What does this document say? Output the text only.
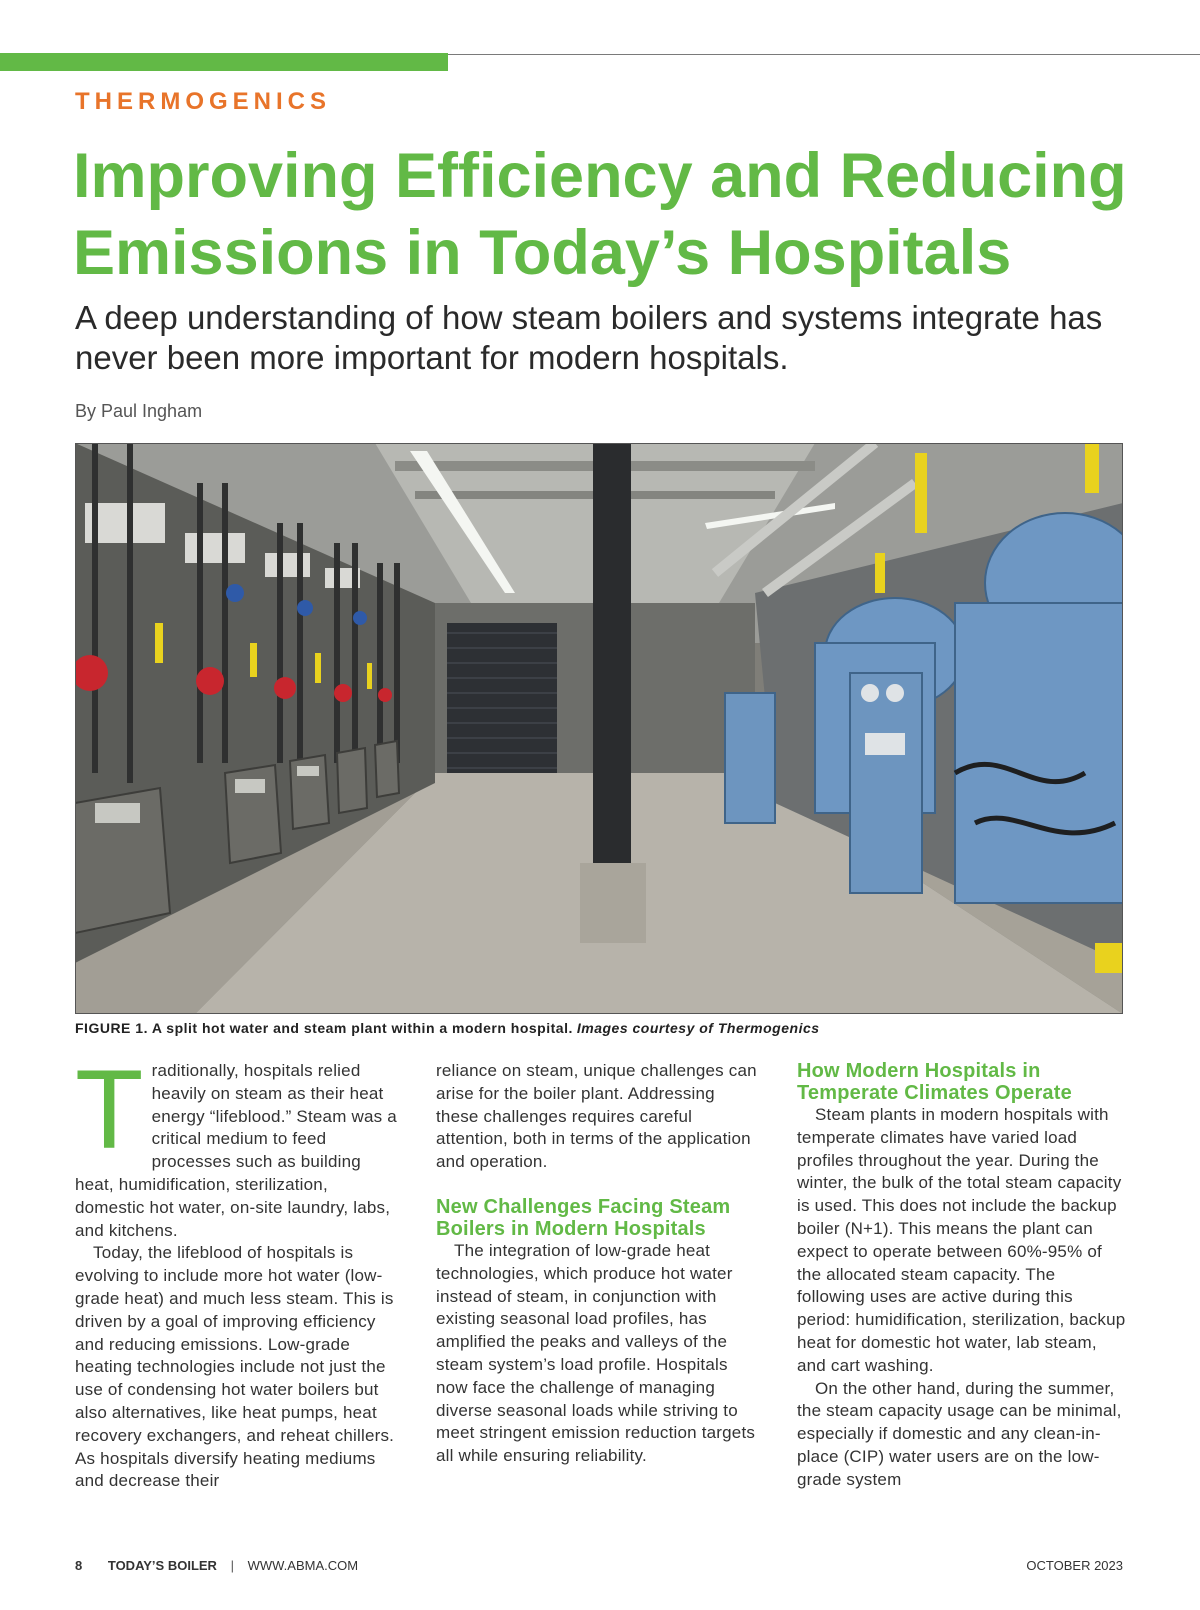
THERMOGENICS
Improving Efficiency and Reducing Emissions in Today’s Hospitals

A deep understanding of how steam boilers and systems integrate has never been more important for modern hospitals.

By Paul Ingham
FIGURE 1. A split hot water and steam plant within a modern hospital. Images courtesy of Thermogenics

Traditionally, hospitals relied heavily on steam as their heat energy “lifeblood.” Steam was a critical medium to feed processes such as building heat, humidification, sterilization, domestic hot water, on-site laundry, labs, and kitchens.

Today, the lifeblood of hospitals is evolving to include more hot water (low-grade heat) and much less steam. This is driven by a goal of improving efficiency and reducing emissions. Low-grade heating technologies include not just the use of condensing hot water boilers but also alternatives, like heat pumps, heat recovery exchangers, and reheat chillers. As hospitals diversify heating mediums and decrease their

reliance on steam, unique challenges can arise for the boiler plant. Addressing these challenges requires careful attention, both in terms of the application and operation.

New Challenges Facing Steam Boilers in Modern Hospitals

The integration of low-grade heat technologies, which produce hot water instead of steam, in conjunction with existing seasonal load profiles, has amplified the peaks and valleys of the steam system’s load profile. Hospitals now face the challenge of managing diverse seasonal loads while striving to meet stringent emission reduction targets all while ensuring reliability.

How Modern Hospitals in Temperate Climates Operate

Steam plants in modern hospitals with temperate climates have varied load profiles throughout the year. During the winter, the bulk of the total steam capacity is used. This does not include the backup boiler (N+1). This means the plant can expect to operate between 60%-95% of the allocated steam capacity. The following uses are active during this period: humidification, sterilization, backup heat for domestic hot water, lab steam, and cart washing.

On the other hand, during the summer, the steam capacity usage can be minimal, especially if domestic and any clean-in-place (CIP) water users are on the low-grade system

8 TODAY’S BOILER | WWW.ABMA.COM	OCTOBER 2023
